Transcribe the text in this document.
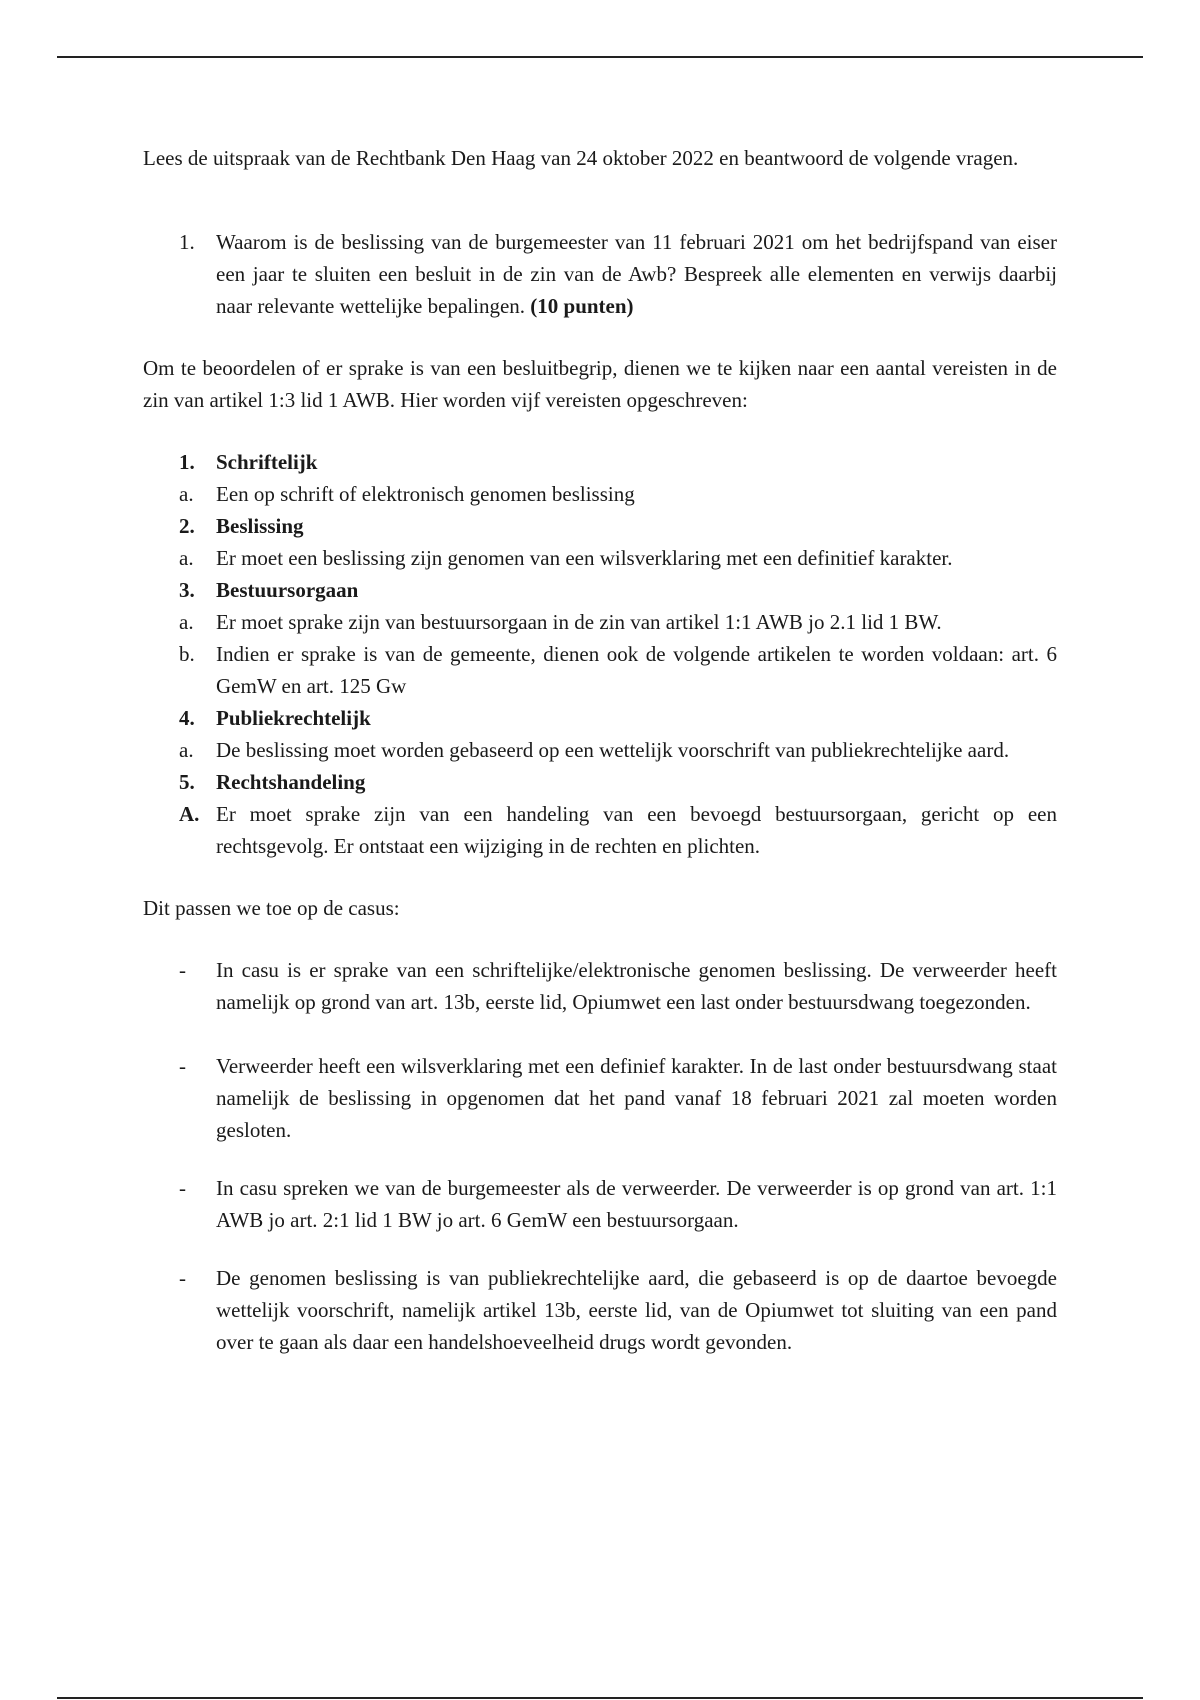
Lees de uitspraak van de Rechtbank Den Haag van 24 oktober 2022 en beantwoord de volgende vragen.

1.	Waarom is de beslissing van de burgemeester van 11 februari 2021 om het bedrijfspand van eiser een jaar te sluiten een besluit in de zin van de Awb? Bespreek alle elementen en verwijs daarbij naar relevante wettelijke bepalingen. (10 punten)

Om te beoordelen of er sprake is van een besluitbegrip, dienen we te kijken naar een aantal vereisten in de zin van artikel 1:3 lid 1 AWB. Hier worden vijf vereisten opgeschreven:

1.	Schriftelijk
a.	Een op schrift of elektronisch genomen beslissing
2.	Beslissing
a.	Er moet een beslissing zijn genomen van een wilsverklaring met een definitief karakter.
3.	Bestuursorgaan
a.	Er moet sprake zijn van bestuursorgaan in de zin van artikel 1:1 AWB jo 2.1 lid 1 BW.
b.	Indien er sprake is van de gemeente, dienen ook de volgende artikelen te worden voldaan: art. 6 GemW en art. 125 Gw
4.	Publiekrechtelijk
a.	De beslissing moet worden gebaseerd op een wettelijk voorschrift van publiekrechtelijke aard.
5.	Rechtshandeling
A. Er moet sprake zijn van een handeling van een bevoegd bestuursorgaan, gericht op een rechtsgevolg. Er ontstaat een wijziging in de rechten en plichten.

Dit passen we toe op de casus:

-	In casu is er sprake van een schriftelijke/elektronische genomen beslissing. De verweerder heeft namelijk op grond van art. 13b, eerste lid, Opiumwet een last onder bestuursdwang toegezonden.
-	Verweerder heeft een wilsverklaring met een definief karakter. In de last onder bestuursdwang staat namelijk de beslissing in opgenomen dat het pand vanaf 18 februari 2021 zal moeten worden gesloten.
-	In casu spreken we van de burgemeester als de verweerder. De verweerder is op grond van art. 1:1 AWB jo art. 2:1 lid 1 BW jo art. 6 GemW een bestuursorgaan.
-	De genomen beslissing is van publiekrechtelijke aard, die gebaseerd is op de daartoe bevoegde wettelijk voorschrift, namelijk artikel 13b, eerste lid, van de Opiumwet tot sluiting van een pand over te gaan als daar een handelshoeveelheid drugs wordt gevonden.
